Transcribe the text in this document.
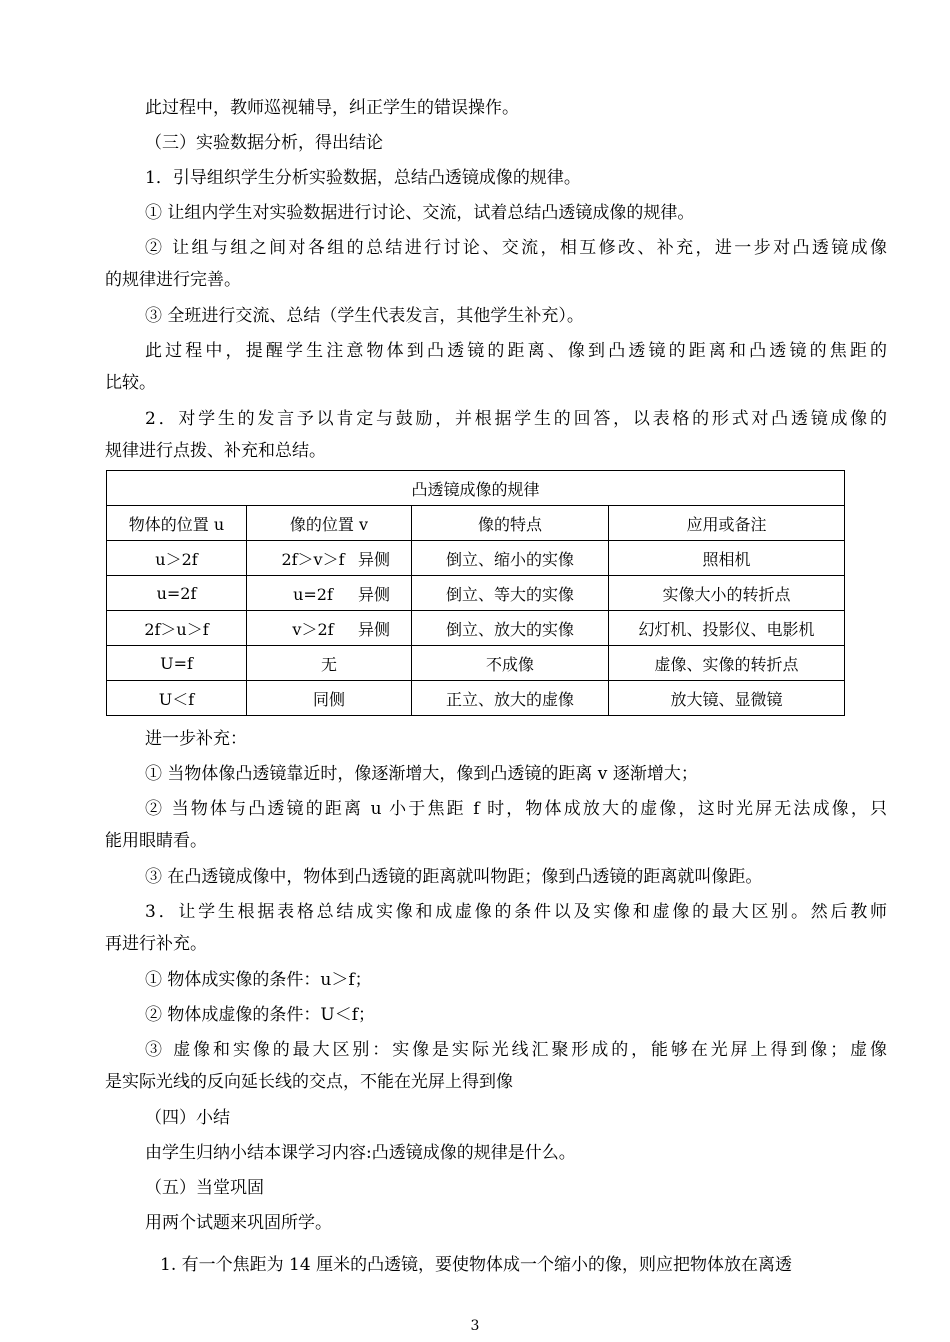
此过程中，教师巡视辅导，纠正学生的错误操作。
（三）实验数据分析，得出结论
1．引导组织学生分析实验数据，总结凸透镜成像的规律。
① 让组内学生对实验数据进行讨论、交流，试着总结凸透镜成像的规律。
② 让组与组之间对各组的总结进行讨论、交流，相互修改、补充，进一步对凸透镜成像
的规律进行完善。
③ 全班进行交流、总结（学生代表发言，其他学生补充）。
此过程中，提醒学生注意物体到凸透镜的距离、像到凸透镜的距离和凸透镜的焦距的
比较。
2．对学生的发言予以肯定与鼓励，并根据学生的回答，以表格的形式对凸透镜成像的
规律进行点拨、补充和总结。
凸透镜成像的规律			
物体的位置 u	像的位置 v	像的特点	应用或备注
u＞2f	2f＞v＞f 异侧	倒立、缩小的实像	照相机
u=2f	u=2f 异侧	倒立、等大的实像	实像大小的转折点
2f＞u＞f	v＞2f 异侧	倒立、放大的实像	幻灯机、投影仪、电影机
U=f	无	不成像	虚像、实像的转折点
U＜f	同侧	正立、放大的虚像	放大镜、显微镜
进一步补充：
① 当物体像凸透镜靠近时，像逐渐增大，像到凸透镜的距离 v 逐渐增大；
② 当物体与凸透镜的距离 u 小于焦距 f 时，物体成放大的虚像，这时光屏无法成像，只
能用眼睛看。
③ 在凸透镜成像中，物体到凸透镜的距离就叫物距；像到凸透镜的距离就叫像距。
3．让学生根据表格总结成实像和成虚像的条件以及实像和虚像的最大区别。然后教师
再进行补充。
① 物体成实像的条件：u＞f；
② 物体成虚像的条件：U＜f；
③ 虚像和实像的最大区别：实像是实际光线汇聚形成的，能够在光屏上得到像；虚像
是实际光线的反向延长线的交点，不能在光屏上得到像
（四）小结
由学生归纳小结本课学习内容:凸透镜成像的规律是什么。
（五）当堂巩固
用两个试题来巩固所学。
1. 有一个焦距为 14 厘米的凸透镜，要使物体成一个缩小的像，则应把物体放在离透
3
